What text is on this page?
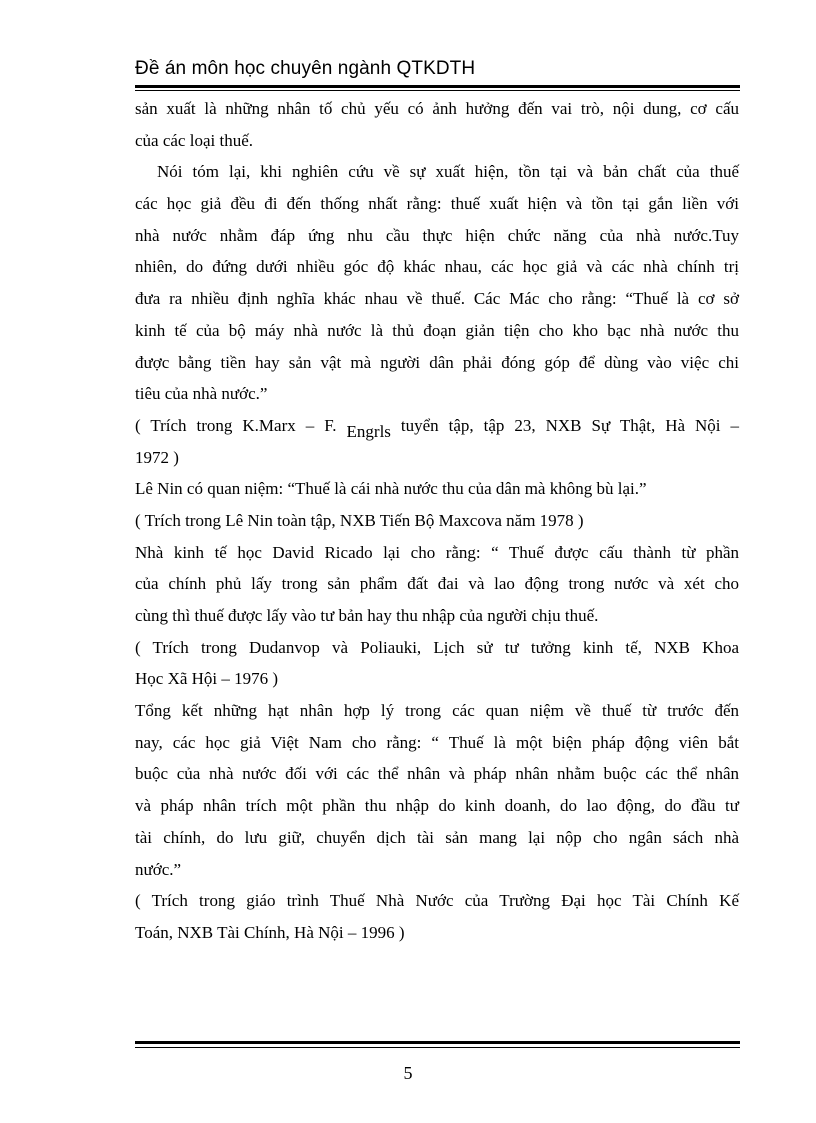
Đề án môn học chuyên ngành QTKDTH
sản xuất là những nhân tố chủ yếu có ảnh hưởng đến vai trò, nội dung, cơ cấu
của các loại thuế.
Nói tóm lại, khi nghiên cứu về sự xuất hiện, tồn tại và bản chất của thuế
các học giả đều đi đến thống nhất rằng: thuế xuất hiện và tồn tại gắn liền với
nhà nước nhằm đáp ứng nhu cầu thực hiện chức năng của nhà nước.Tuy
nhiên, do đứng dưới nhiều góc độ khác nhau, các học giả và các nhà chính trị
đưa ra nhiều định nghĩa khác nhau về thuế. Các Mác cho rằng: “Thuế là cơ sở
kinh tế của bộ máy nhà nước là thủ đoạn giản tiện cho kho bạc nhà nước thu
được bằng tiền hay sản vật mà người dân phải đóng góp để dùng vào việc chi
tiêu của nhà nước.”
( Trích trong K.Marx – F. Engrls tuyển tập, tập 23, NXB Sự Thật, Hà Nội –
1972 )
Lê Nin có quan niệm: “Thuế là cái nhà nước thu của dân mà không bù lại.”
( Trích trong Lê Nin toàn tập, NXB Tiến Bộ Maxcova năm 1978 )
Nhà kinh tế học David Ricado lại cho rằng: “ Thuế được cấu thành từ phần
của chính phủ lấy trong sản phẩm đất đai và lao động trong nước và xét cho
cùng thì thuế được lấy vào tư bản hay thu nhập của người chịu thuế.
( Trích trong Dudanvop và Poliauki, Lịch sử tư tưởng kinh tế, NXB Khoa
Học Xã Hội – 1976 )
Tổng kết những hạt nhân hợp lý trong các quan niệm về thuế từ trước đến
nay, các học giả Việt Nam cho rằng: “ Thuế là một biện pháp động viên bắt
buộc của nhà nước đối với các thể nhân và pháp nhân nhằm buộc các thể nhân
và pháp nhân trích một phần thu nhập do kinh doanh, do lao động, do đầu tư
tài chính, do lưu giữ, chuyển dịch tài sản mang lại nộp cho ngân sách nhà
nước.”
( Trích trong giáo trình Thuế Nhà Nước của Trường Đại học Tài Chính Kế
Toán, NXB Tài Chính, Hà Nội – 1996 )
5
